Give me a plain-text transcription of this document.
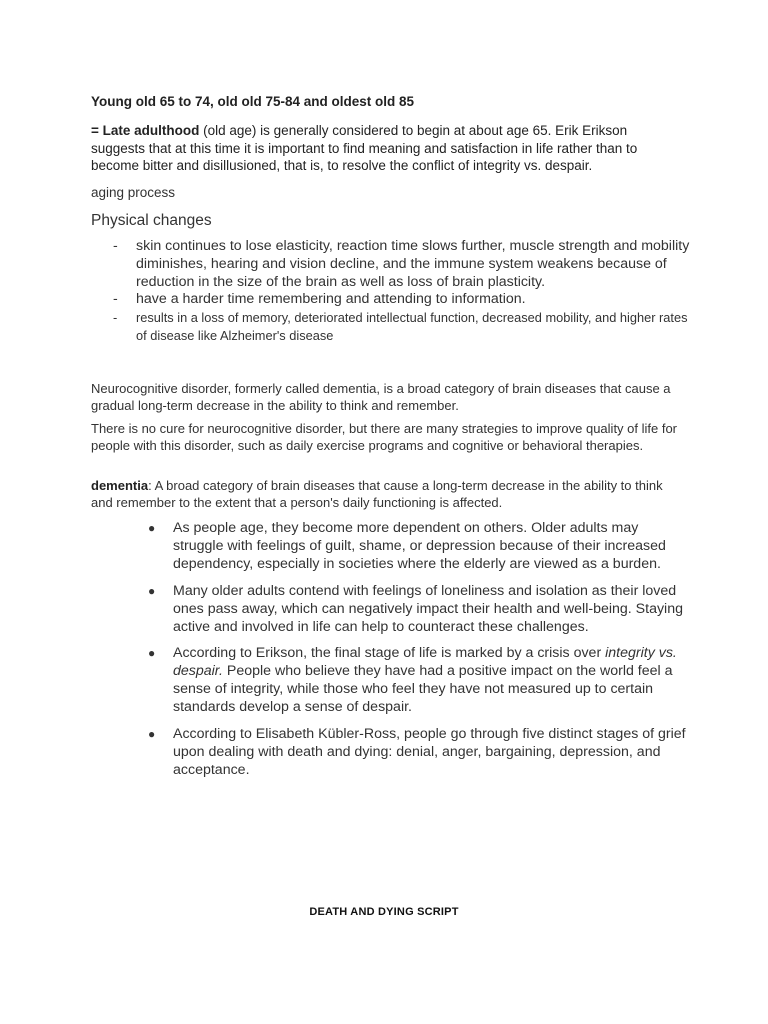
Young old 65 to 74, old old 75-84 and oldest old 85

= Late adulthood (old age) is generally considered to begin at about age 65. Erik Erikson suggests that at this time it is important to find meaning and satisfaction in life rather than to become bitter and disillusioned, that is, to resolve the conflict of integrity vs. despair.

aging process

Physical changes

- skin continues to lose elasticity, reaction time slows further, muscle strength and mobility diminishes, hearing and vision decline, and the immune system weakens because of reduction in the size of the brain as well as loss of brain plasticity.
- have a harder time remembering and attending to information.
- results in a loss of memory, deteriorated intellectual function, decreased mobility, and higher rates of disease like Alzheimer's disease

Neurocognitive disorder, formerly called dementia, is a broad category of brain diseases that cause a gradual long-term decrease in the ability to think and remember.

There is no cure for neurocognitive disorder, but there are many strategies to improve quality of life for people with this disorder, such as daily exercise programs and cognitive or behavioral therapies.

dementia: A broad category of brain diseases that cause a long-term decrease in the ability to think and remember to the extent that a person's daily functioning is affected.

● As people age, they become more dependent on others. Older adults may struggle with feelings of guilt, shame, or depression because of their increased dependency, especially in societies where the elderly are viewed as a burden.
● Many older adults contend with feelings of loneliness and isolation as their loved ones pass away, which can negatively impact their health and well-being. Staying active and involved in life can help to counteract these challenges.
● According to Erikson, the final stage of life is marked by a crisis over integrity vs. despair. People who believe they have had a positive impact on the world feel a sense of integrity, while those who feel they have not measured up to certain standards develop a sense of despair.
● According to Elisabeth Kübler-Ross, people go through five distinct stages of grief upon dealing with death and dying: denial, anger, bargaining, depression, and acceptance.
DEATH AND DYING SCRIPT
